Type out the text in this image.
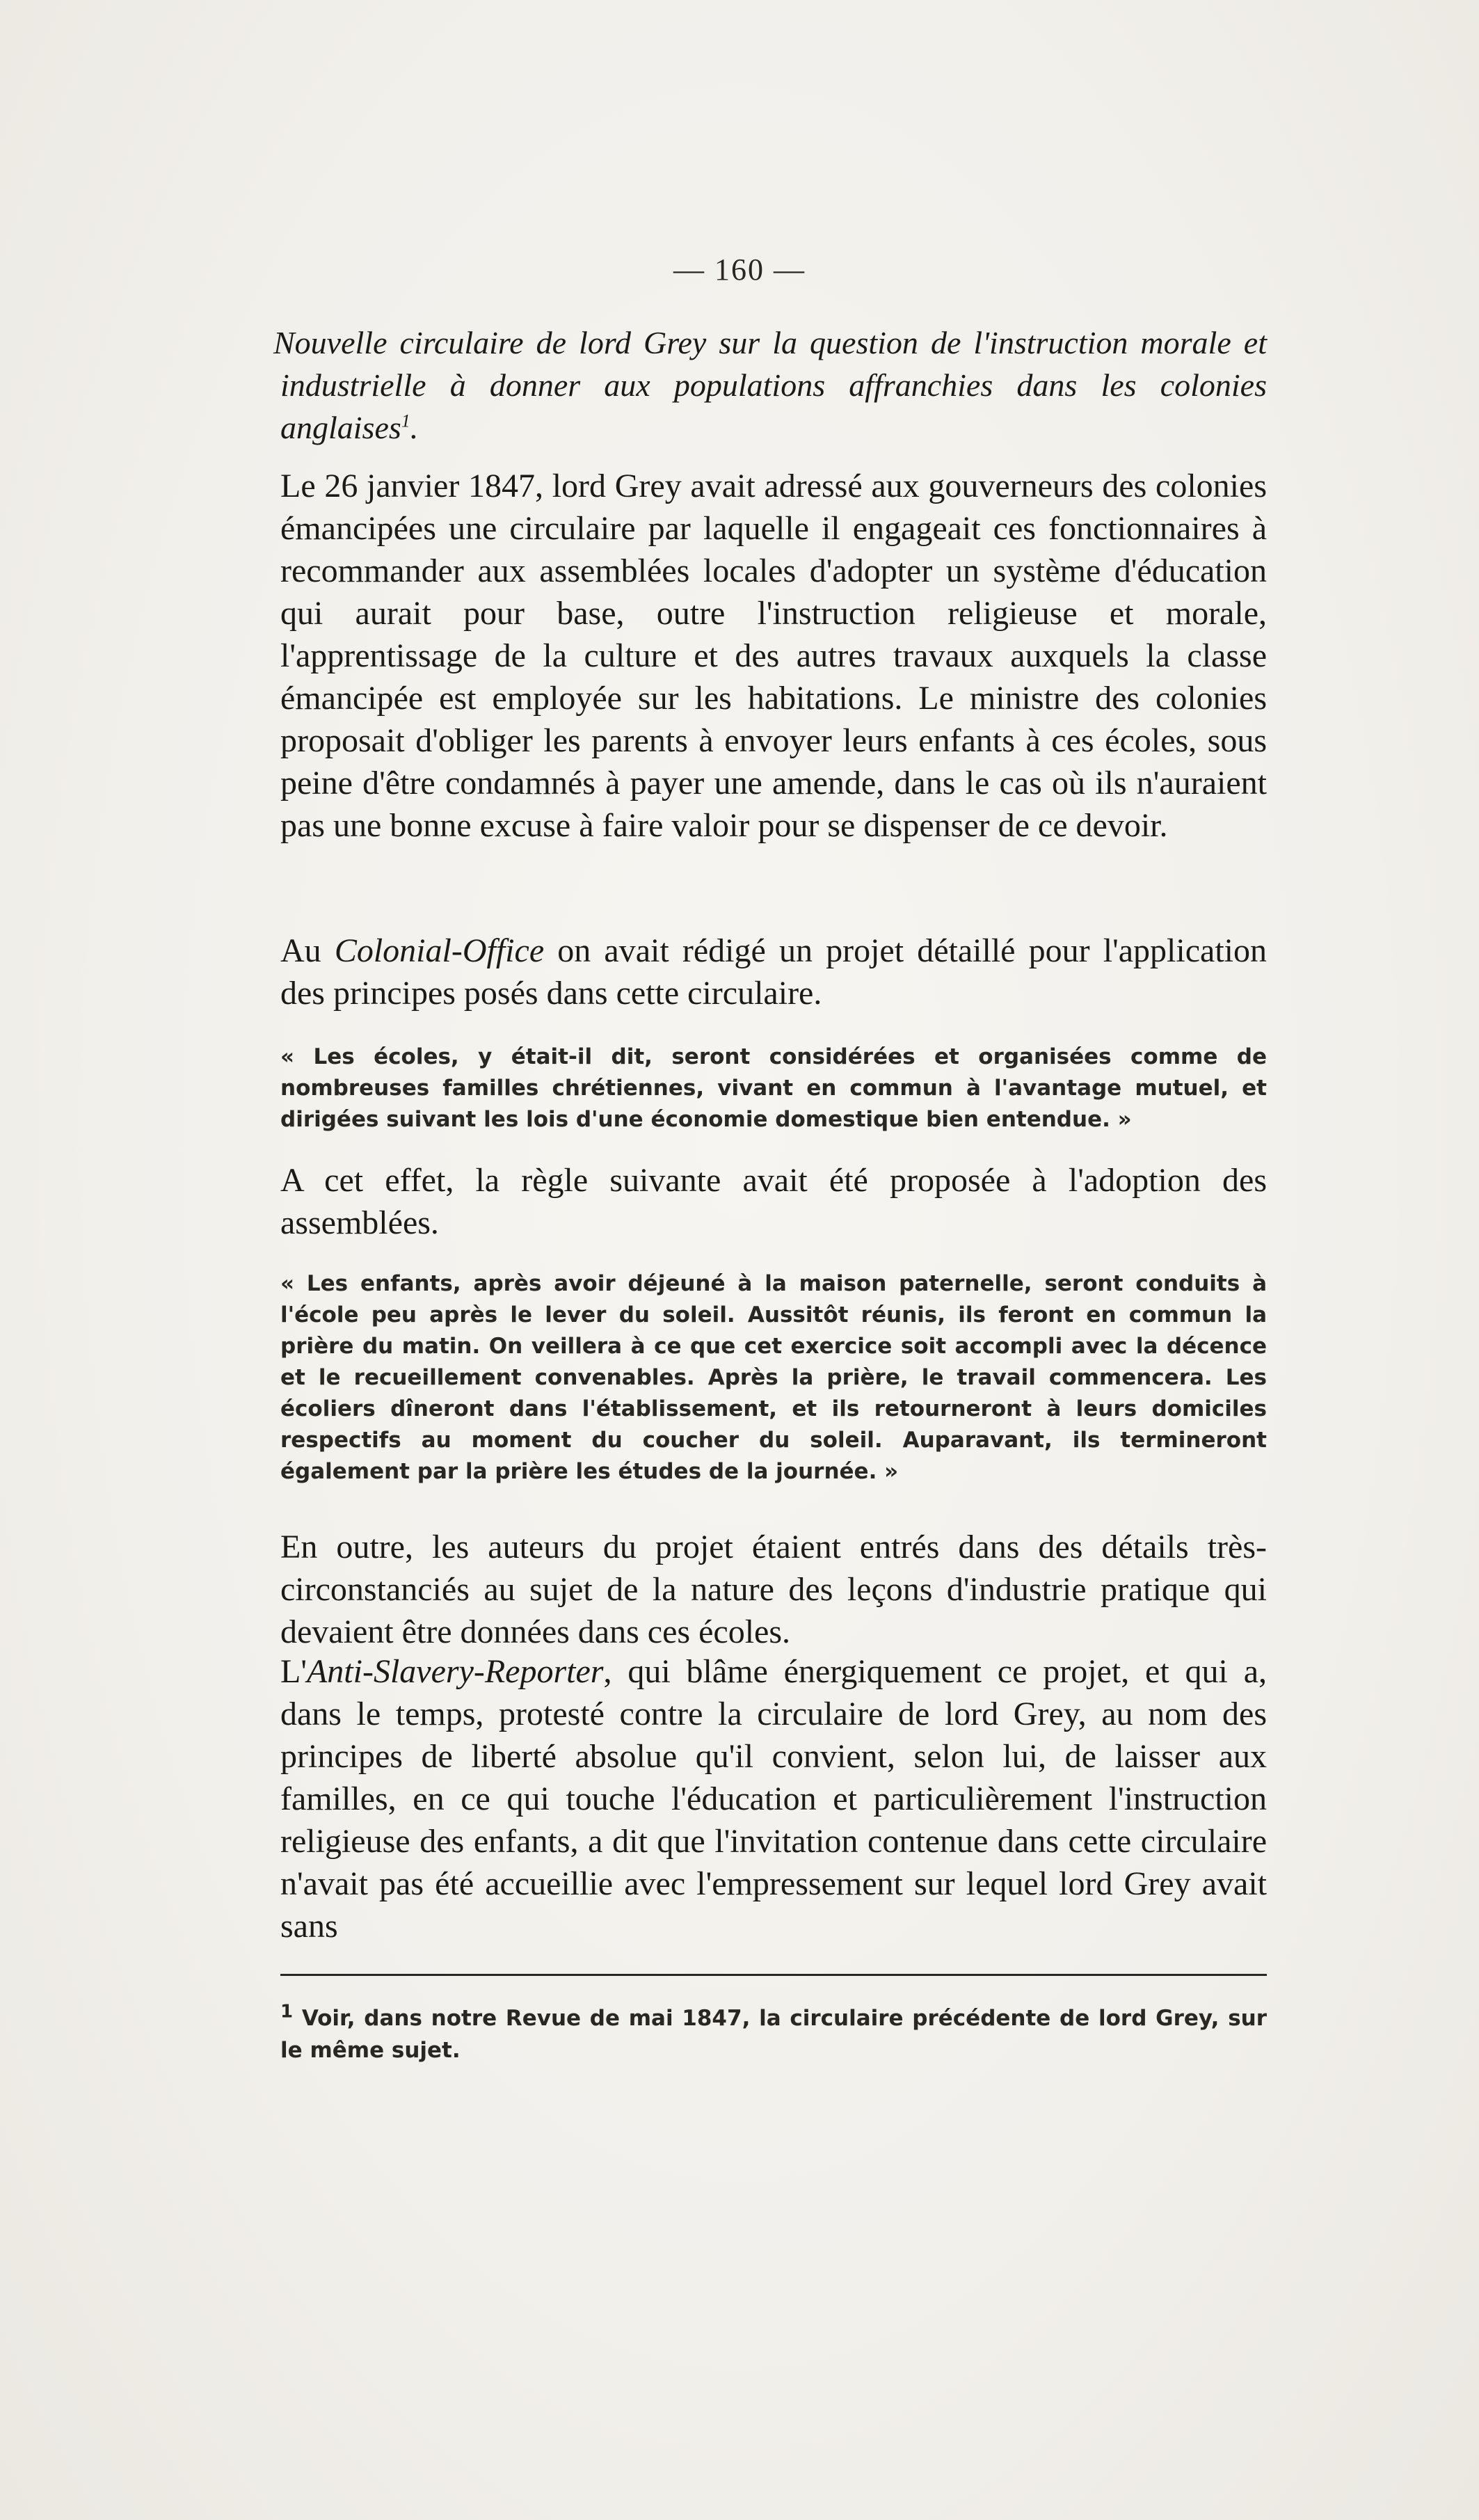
— 160 —
Nouvelle circulaire de lord Grey sur la question de l'instruction morale et industrielle à donner aux populations affranchies dans les colonies anglaises$^1$.
Le 26 janvier 1847, lord Grey avait adressé aux gouverneurs des colonies émancipées une circulaire par laquelle il engageait ces fonctionnaires à recommander aux assemblées locales d'adopter un système d'éducation qui aurait pour base, outre l'instruction religieuse et morale, l'apprentissage de la culture et des autres travaux auxquels la classe émancipée est employée sur les habitations. Le ministre des colonies proposait d'obliger les parents à envoyer leurs enfants à ces écoles, sous peine d'être condamnés à payer une amende, dans le cas où ils n'auraient pas une bonne excuse à faire valoir pour se dispenser de ce devoir.
Au Colonial-Office on avait rédigé un projet détaillé pour l'application des principes posés dans cette circulaire.
« Les écoles, y était-il dit, seront considérées et organisées comme de nombreuses familles chrétiennes, vivant en commun à l'avantage mutuel, et dirigées suivant les lois d'une économie domestique bien entendue. »
A cet effet, la règle suivante avait été proposée à l'adoption des assemblées.
« Les enfants, après avoir déjeuné à la maison paternelle, seront conduits à l'école peu après le lever du soleil. Aussitôt réunis, ils feront en commun la prière du matin. On veillera à ce que cet exercice soit accompli avec la décence et le recueillement convenables. Après la prière, le travail commencera. Les écoliers dîneront dans l'établissement, et ils retourneront à leurs domiciles respectifs au moment du coucher du soleil. Auparavant, ils termineront également par la prière les études de la journée. »
En outre, les auteurs du projet étaient entrés dans des détails très-circonstanciés au sujet de la nature des leçons d'industrie pratique qui devaient être données dans ces écoles.
L'Anti-Slavery-Reporter, qui blâme énergiquement ce projet, et qui a, dans le temps, protesté contre la circulaire de lord Grey, au nom des principes de liberté absolue qu'il convient, selon lui, de laisser aux familles, en ce qui touche l'éducation et particulièrement l'instruction religieuse des enfants, a dit que l'invitation contenue dans cette circulaire n'avait pas été accueillie avec l'empressement sur lequel lord Grey avait sans
$^1$ Voir, dans notre Revue de mai 1847, la circulaire précédente de lord Grey, sur le même sujet.
